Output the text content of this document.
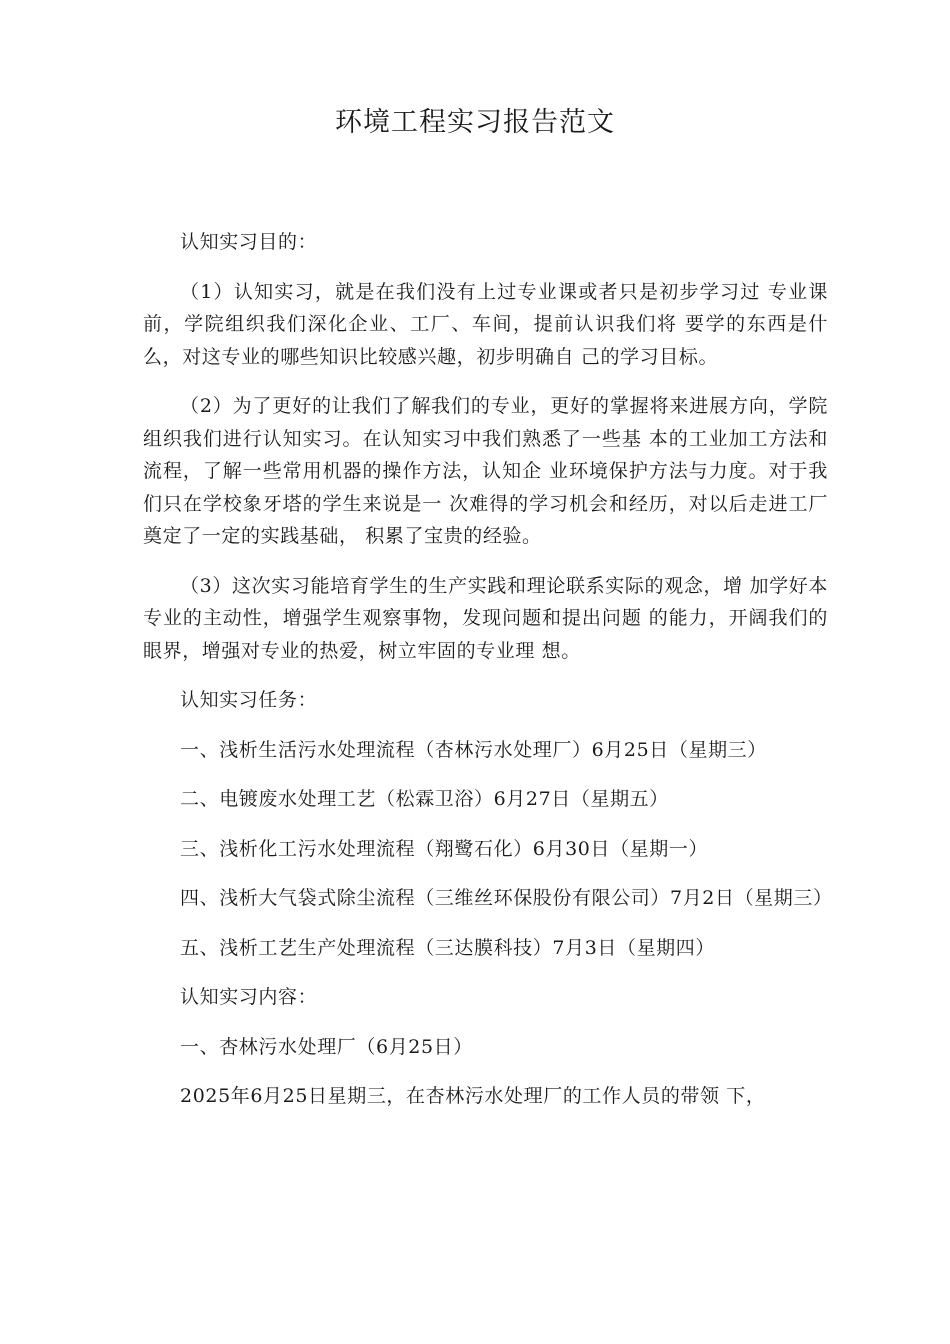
环境工程实习报告范文

认知实习目的：

（1）认知实习，就是在我们没有上过专业课或者只是初步学习过 专业课前，学院组织我们深化企业、工厂、车间，提前认识我们将 要学的东西是什么，对这专业的哪些知识比较感兴趣，初步明确自 己的学习目标。

（2）为了更好的让我们了解我们的专业，更好的掌握将来进展方向，学院组织我们进行认知实习。在认知实习中我们熟悉了一些基 本的工业加工方法和流程，了解一些常用机器的操作方法，认知企 业环境保护方法与力度。对于我们只在学校象牙塔的学生来说是一 次难得的学习机会和经历，对以后走进工厂奠定了一定的实践基础， 积累了宝贵的经验。

（3）这次实习能培育学生的生产实践和理论联系实际的观念，增 加学好本专业的主动性，增强学生观察事物，发现问题和提出问题 的能力，开阔我们的眼界，增强对专业的热爱，树立牢固的专业理 想。

认知实习任务：

一、浅析生活污水处理流程（杏林污水处理厂）6月25日（星期三）

二、电镀废水处理工艺（松霖卫浴）6月27日（星期五）

三、浅析化工污水处理流程（翔鹭石化）6月30日（星期一）

四、浅析大气袋式除尘流程（三维丝环保股份有限公司）7月2日（星期三）

五、浅析工艺生产处理流程（三达膜科技）7月3日（星期四）

认知实习内容：

一、杏林污水处理厂（6月25日）

2025年6月25日星期三，在杏林污水处理厂的工作人员的带领 下，
